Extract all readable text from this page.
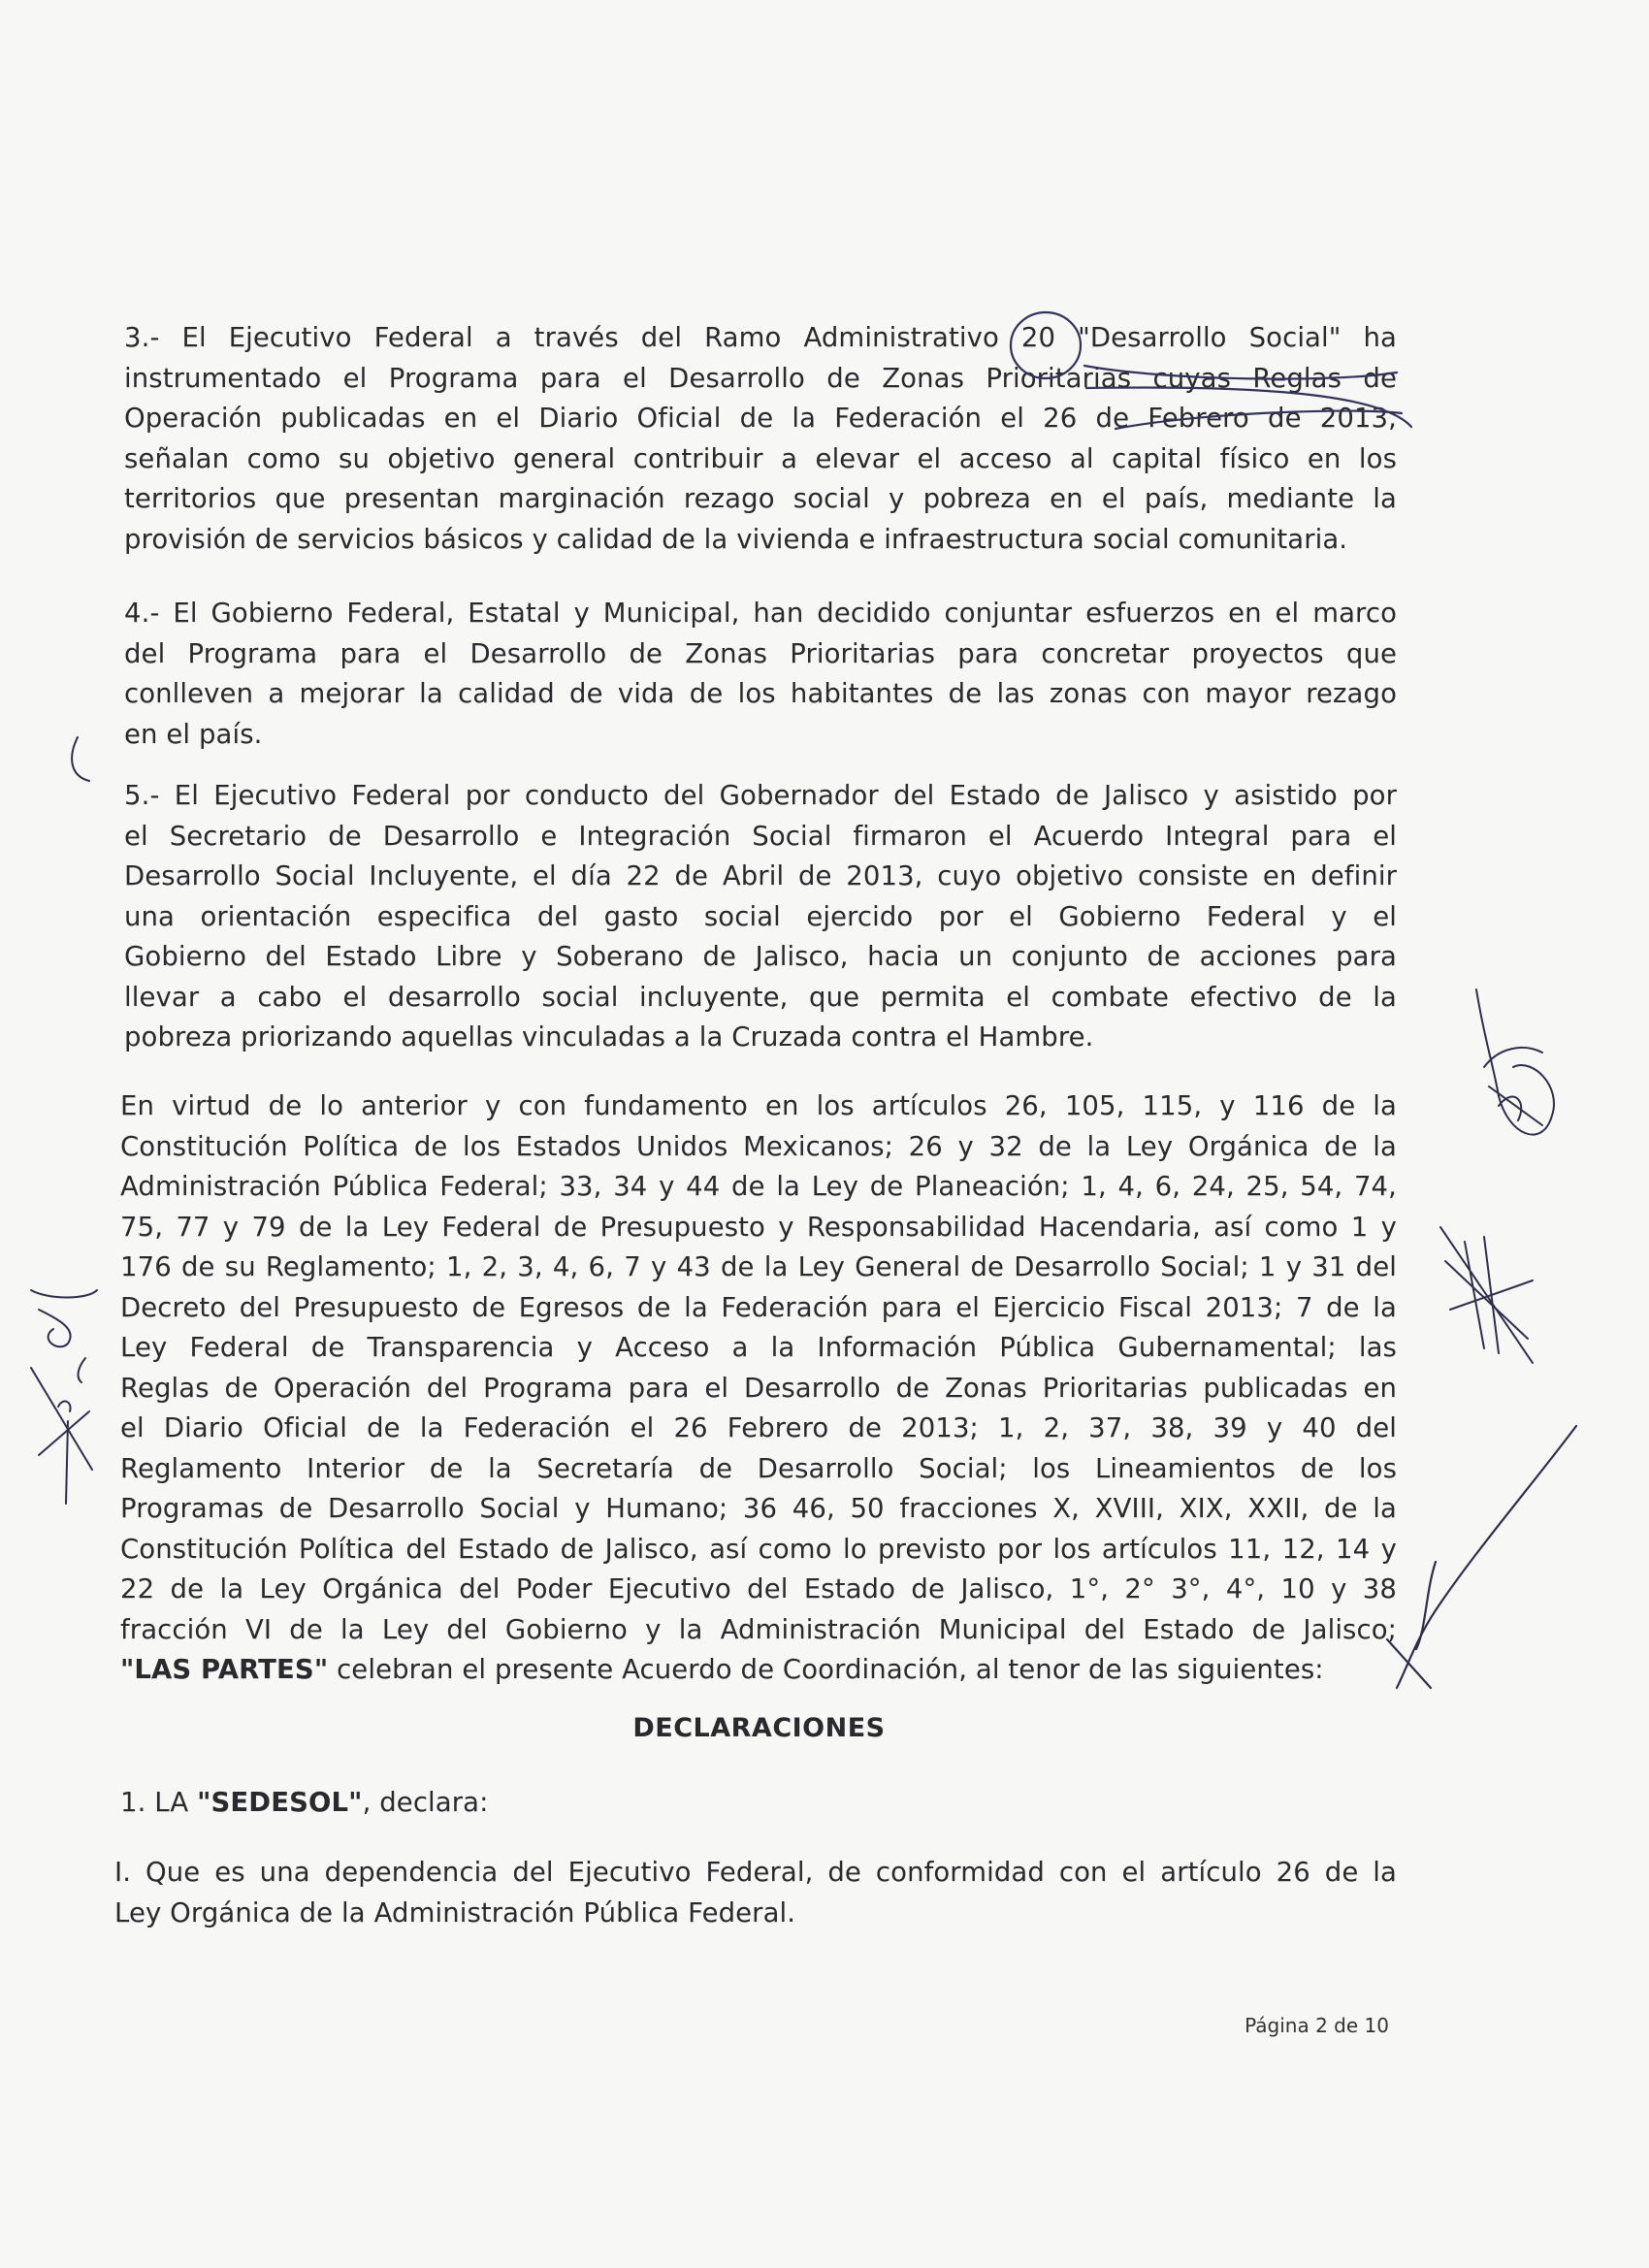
3.- El Ejecutivo Federal a través del Ramo Administrativo 20 "Desarrollo Social" ha
instrumentado el Programa para el Desarrollo de Zonas Prioritarias cuyas Reglas de
Operación publicadas en el Diario Oficial de la Federación el 26 de Febrero de 2013,
señalan como su objetivo general contribuir a elevar el acceso al capital físico en los
territorios que presentan marginación rezago social y pobreza en el país, mediante la
provisión de servicios básicos y calidad de la vivienda e infraestructura social comunitaria.

4.- El Gobierno Federal, Estatal y Municipal, han decidido conjuntar esfuerzos en el marco
del Programa para el Desarrollo de Zonas Prioritarias para concretar proyectos que
conlleven a mejorar la calidad de vida de los habitantes de las zonas con mayor rezago
en el país.

5.- El Ejecutivo Federal por conducto del Gobernador del Estado de Jalisco y asistido por
el Secretario de Desarrollo e Integración Social firmaron el Acuerdo Integral para el
Desarrollo Social Incluyente, el día 22 de Abril de 2013, cuyo objetivo consiste en definir
una orientación especifica del gasto social ejercido por el Gobierno Federal y el
Gobierno del Estado Libre y Soberano de Jalisco, hacia un conjunto de acciones para
llevar a cabo el desarrollo social incluyente, que permita el combate efectivo de la
pobreza priorizando aquellas vinculadas a la Cruzada contra el Hambre.

En virtud de lo anterior y con fundamento en los artículos 26, 105, 115, y 116 de la
Constitución Política de los Estados Unidos Mexicanos; 26 y 32 de la Ley Orgánica de la
Administración Pública Federal; 33, 34 y 44 de la Ley de Planeación; 1, 4, 6, 24, 25, 54, 74,
75, 77 y 79 de la Ley Federal de Presupuesto y Responsabilidad Hacendaria, así como 1 y
176 de su Reglamento; 1, 2, 3, 4, 6, 7 y 43 de la Ley General de Desarrollo Social; 1 y 31 del
Decreto del Presupuesto de Egresos de la Federación para el Ejercicio Fiscal 2013; 7 de la
Ley Federal de Transparencia y Acceso a la Información Pública Gubernamental; las
Reglas de Operación del Programa para el Desarrollo de Zonas Prioritarias publicadas en
el Diario Oficial de la Federación el 26 Febrero de 2013; 1, 2, 37, 38, 39 y 40 del
Reglamento Interior de la Secretaría de Desarrollo Social; los Lineamientos de los
Programas de Desarrollo Social y Humano; 36 46, 50 fracciones X, XVIII, XIX, XXII, de la
Constitución Política del Estado de Jalisco, así como lo previsto por los artículos 11, 12, 14 y
22 de la Ley Orgánica del Poder Ejecutivo del Estado de Jalisco, 1°, 2° 3°, 4°, 10 y 38
fracción VI de la Ley del Gobierno y la Administración Municipal del Estado de Jalisco;

"LAS PARTES" celebran el presente Acuerdo de Coordinación, al tenor de las siguientes:

DECLARACIONES

1. LA "SEDESOL", declara:

I. Que es una dependencia del Ejecutivo Federal, de conformidad con el artículo 26 de la
Ley Orgánica de la Administración Pública Federal.

Página 2 de 10
